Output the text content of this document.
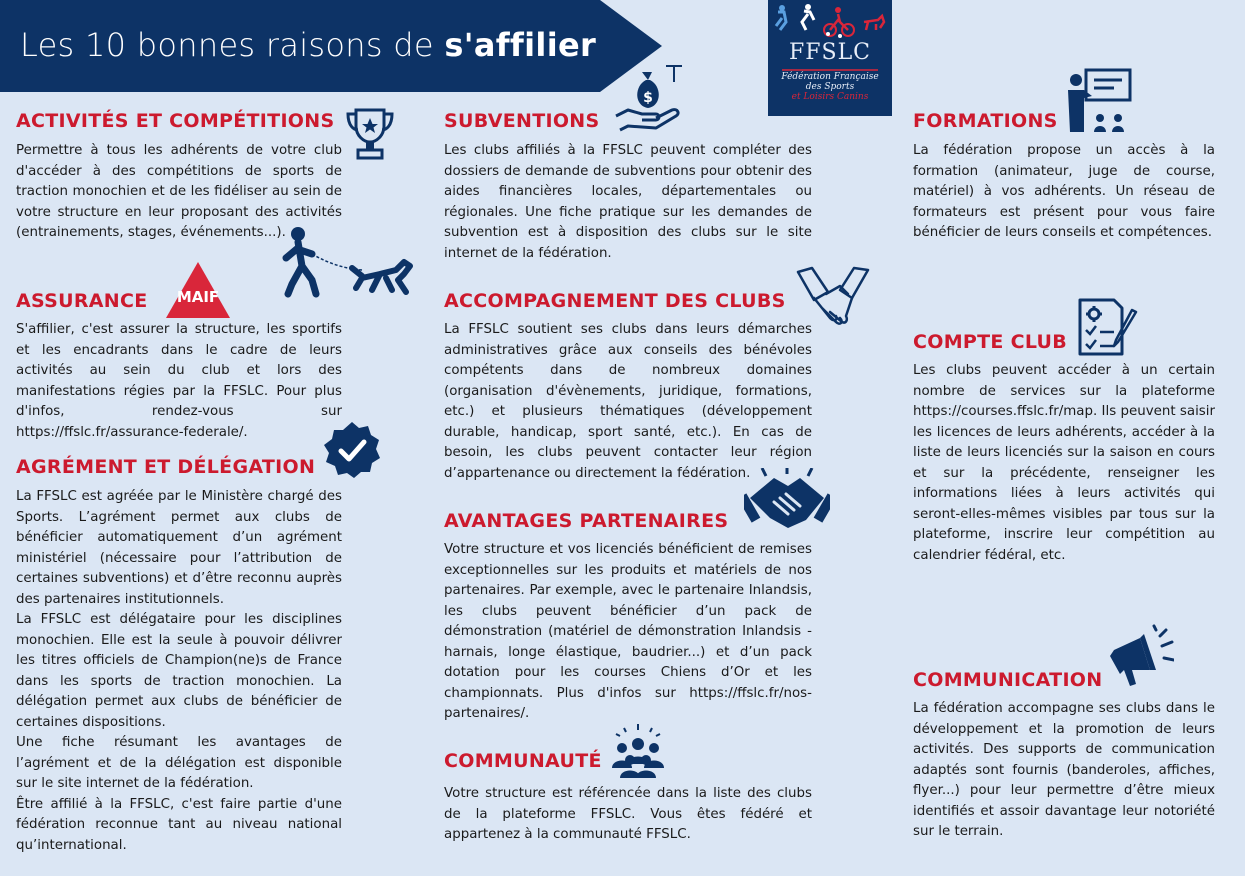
Les 10 bonnes raisons de s'affilier	FFSLC
Fédération Française
des Sports
et Loisirs Canins
ACTIVITÉS ET COMPÉTITIONS

Permettre à tous les adhérents de votre club d'accéder à des compétitions de sports de traction monochien et de les fidéliser au sein de votre structure en leur proposant des activités (entrainements, stages, événements...).

ASSURANCE MAIF

S'affilier, c'est assurer la structure, les sportifs et les encadrants dans le cadre de leurs activités au sein du club et lors des manifestations régies par la FFSLC. Pour plus d'infos, rendez-vous sur https://ffslc.fr/assurance-federale/.

AGRÉMENT ET DÉLÉGATION

La FFSLC est agréée par le Ministère chargé des Sports. L’agrément permet aux clubs de bénéficier automatiquement d’un agrément ministériel (nécessaire pour l’attribution de certaines subventions) et d’être reconnu auprès des partenaires institutionnels.

La FFSLC est délégataire pour les disciplines monochien. Elle est la seule à pouvoir délivrer les titres officiels de Champion(ne)s de France dans les sports de traction monochien. La délégation permet aux clubs de bénéficier de certaines dispositions.

Une fiche résumant les avantages de l’agrément et de la délégation est disponible sur le site internet de la fédération.

Être affilié à la FFSLC, c'est faire partie d'une fédération reconnue tant au niveau national qu’international.

SUBVENTIONS
$

Les clubs affiliés à la FFSLC peuvent compléter des dossiers de demande de subventions pour obtenir des aides financières locales, départementales ou régionales. Une fiche pratique sur les demandes de subvention est à disposition des clubs sur le site internet de la fédération.

ACCOMPAGNEMENT DES CLUBS

La FFSLC soutient ses clubs dans leurs démarches administratives grâce aux conseils des bénévoles compétents dans de nombreux domaines (organisation d'évènements, juridique, formations, etc.) et plusieurs thématiques (développement durable, handicap, sport santé, etc.). En cas de besoin, les clubs peuvent contacter leur région d’appartenance ou directement la fédération.

AVANTAGES PARTENAIRES

Votre structure et vos licenciés bénéficient de remises exceptionnelles sur les produits et matériels de nos partenaires. Par exemple, avec le partenaire Inlandsis, les clubs peuvent bénéficier d’un pack de démonstration (matériel de démonstration Inlandsis - harnais, longe élastique, baudrier...) et d’un pack dotation pour les courses Chiens d’Or et les championnats. Plus d'infos sur https://ffslc.fr/nos-partenaires/.

COMMUNAUTÉ

Votre structure est référencée dans la liste des clubs de la plateforme FFSLC. Vous êtes fédéré et appartenez à la communauté FFSLC.

FORMATIONS

La fédération propose un accès à la formation (animateur, juge de course, matériel) à vos adhérents. Un réseau de formateurs est présent pour vous faire bénéficier de leurs conseils et compétences.

COMPTE CLUB

Les clubs peuvent accéder à un certain nombre de services sur la plateforme https://courses.ffslc.fr/map. Ils peuvent saisir les licences de leurs adhérents, accéder à la liste de leurs licenciés sur la saison en cours et sur la précédente, renseigner les informations liées à leurs activités qui seront-elles-mêmes visibles par tous sur la plateforme, inscrire leur compétition au calendrier fédéral, etc.

COMMUNICATION

La fédération accompagne ses clubs dans le développement et la promotion de leurs activités. Des supports de communication adaptés sont fournis (banderoles, affiches, flyer...) pour leur permettre d’être mieux identifiés et assoir davantage leur notoriété sur le terrain.
